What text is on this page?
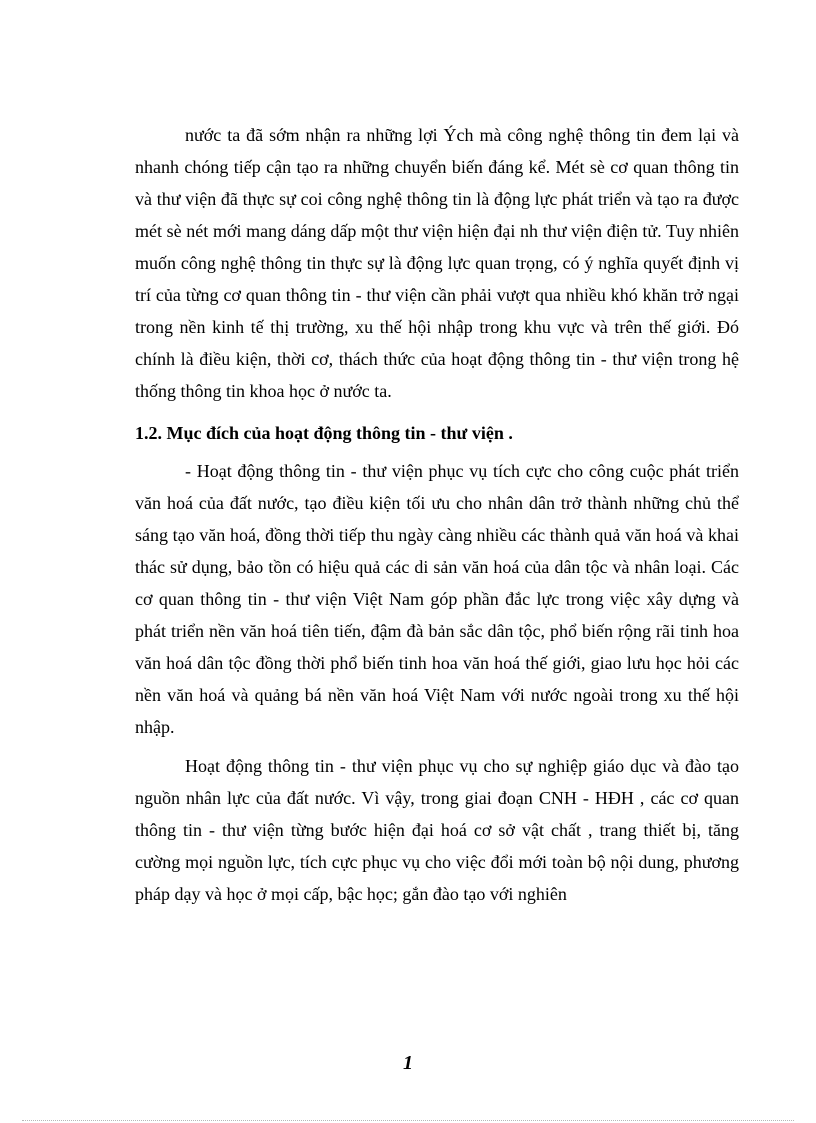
nước ta đã sớm nhận ra những lợi Ých mà công nghệ thông tin đem lại và nhanh chóng tiếp cận tạo ra những chuyển biến đáng kể. Mét sè cơ quan thông tin và thư viện đã thực sự coi công nghệ thông tin là động lực phát triển và tạo ra được mét sè nét mới mang dáng dấp một thư viện hiện đại nh thư viện điện tử. Tuy nhiên muốn công nghệ thông tin thực sự là động lực quan trọng, có ý nghĩa quyết định vị trí của từng cơ quan thông tin - thư viện cần phải vượt qua nhiều khó khăn trở ngại trong nền kinh tế thị trường, xu thế hội nhập trong khu vực và trên thế giới. Đó chính là điều kiện, thời cơ, thách thức của hoạt động thông tin - thư viện trong hệ thống thông tin khoa học ở nước ta.

1.2. Mục đích của hoạt động thông tin - thư viện .

- Hoạt động thông tin - thư viện phục vụ tích cực cho công cuộc phát triển văn hoá của đất nước, tạo điều kiện tối ưu cho nhân dân trở thành những chủ thể sáng tạo văn hoá, đồng thời tiếp thu ngày càng nhiều các thành quả văn hoá và khai thác sử dụng, bảo tồn có hiệu quả các di sản văn hoá của dân tộc và nhân loại. Các cơ quan thông tin - thư viện Việt Nam góp phần đắc lực trong việc xây dựng và phát triển nền văn hoá tiên tiến, đậm đà bản sắc dân tộc, phổ biến rộng rãi tinh hoa văn hoá dân tộc đồng thời phổ biến tinh hoa văn hoá thế giới, giao lưu học hỏi các nền văn hoá và quảng bá nền văn hoá Việt Nam với nước ngoài trong xu thế hội nhập.

Hoạt động thông tin - thư viện phục vụ cho sự nghiệp giáo dục và đào tạo nguồn nhân lực của đất nước. Vì vậy, trong giai đoạn CNH - HĐH , các cơ quan thông tin - thư viện từng bước hiện đại hoá cơ sở vật chất , trang thiết bị, tăng cường mọi nguồn lực, tích cực phục vụ cho việc đổi mới toàn bộ nội dung, phương pháp dạy và học ở mọi cấp, bậc học; gắn đào tạo với nghiên

1
